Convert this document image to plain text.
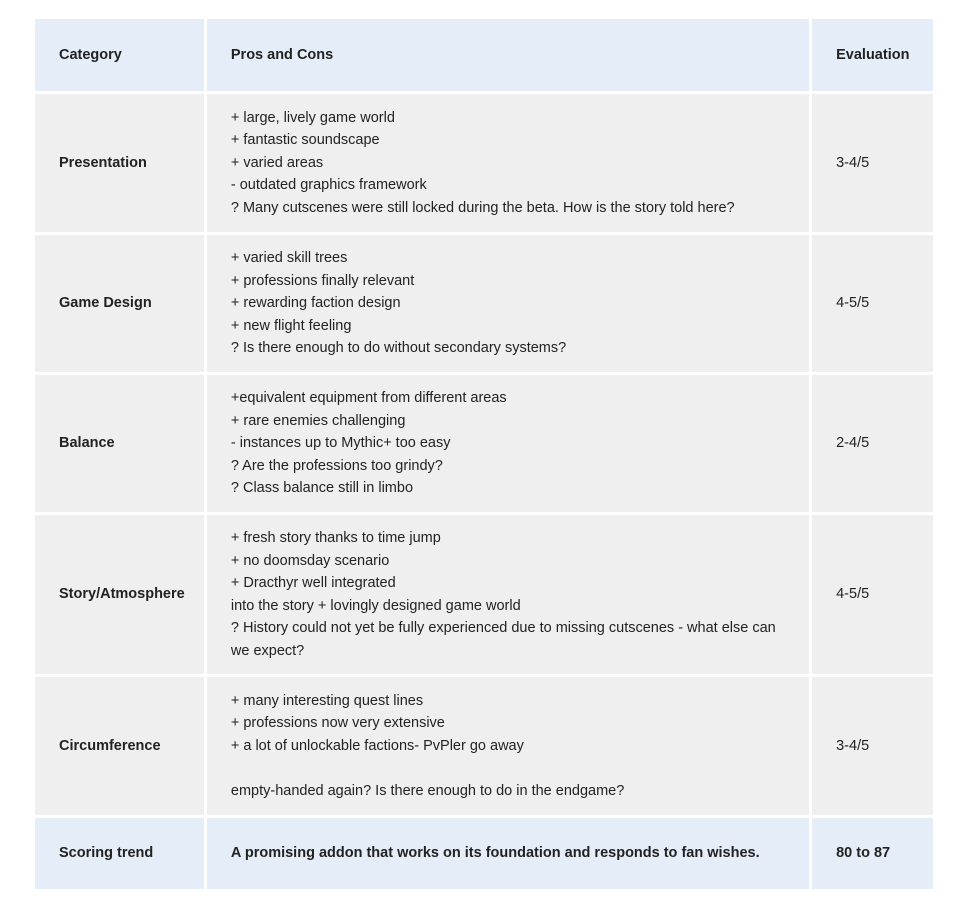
Category	Pros and Cons	Evaluation
Presentation	+ large, lively game world
+ fantastic soundscape
+ varied areas
- outdated graphics framework
? Many cutscenes were still locked during the beta. How is the story told here?	3-4/5
Game Design	+ varied skill trees
+ professions finally relevant
+ rewarding faction design
+ new flight feeling
? Is there enough to do without secondary systems?	4-5/5
Balance	+equivalent equipment from different areas
+ rare enemies challenging
- instances up to Mythic+ too easy
? Are the professions too grindy?
? Class balance still in limbo	2-4/5
Story/Atmosphere	+ fresh story thanks to time jump
+ no doomsday scenario
+ Dracthyr well integrated
into the story + lovingly designed game world
? History could not yet be fully experienced due to missing cutscenes - what else can we expect?	4-5/5
Circumference	+ many interesting quest lines
+ professions now very extensive
+ a lot of unlockable factions- PvPler go away
empty-handed again? Is there enough to do in the endgame?	3-4/5
Scoring trend	A promising addon that works on its foundation and responds to fan wishes.	80 to 87
